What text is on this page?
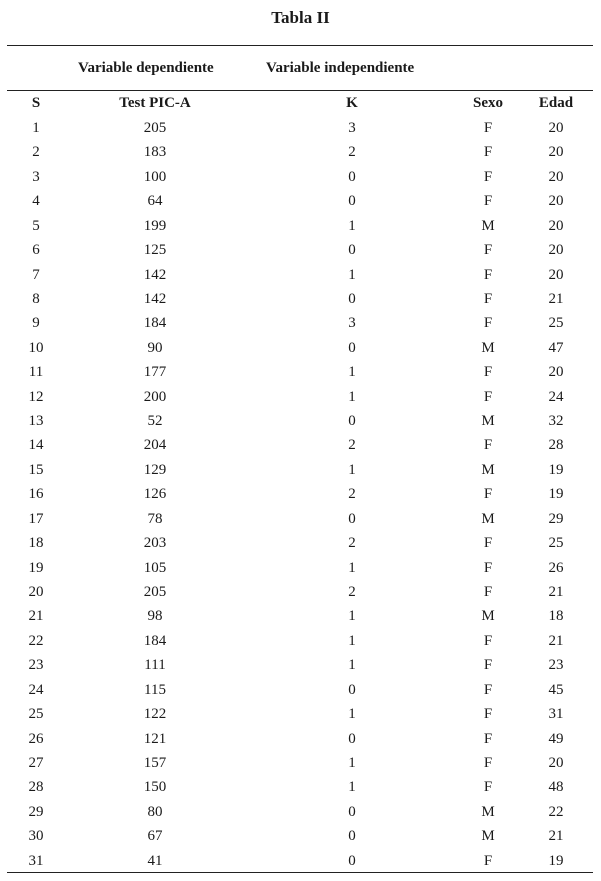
Tabla II
Variable dependiente	Variable independiente
S	Test PIC-A	K	Sexo Edad
1	205	3	F	20
2	183	2	F	20
3	100	0	F	20
4	64	0	F	20
5	199	1	M	20
6	125	0	F	20
7	142	1	F	20
8	142	0	F	21
9	184	3	F	25
10	90	0	M	47
11	177	1	F	20
12	200	1	F	24
13	52	0	M	32
14	204	2	F	28
15	129	1	M	19
16	126	2	F	19
17	78	0	M	29
18	203	2	F	25
19	105	1	F	26
20	205	2	F	21
21	98	1	M	18
22	184	1	F	21
23	111	1	F	23
24	115	0	F	45
25	122	1	F	31
26	121	0	F	49
27	157	1	F	20
28	150	1	F	48
29	80	0	M	22
30	67	0	M	21
31	41	0	F	19
